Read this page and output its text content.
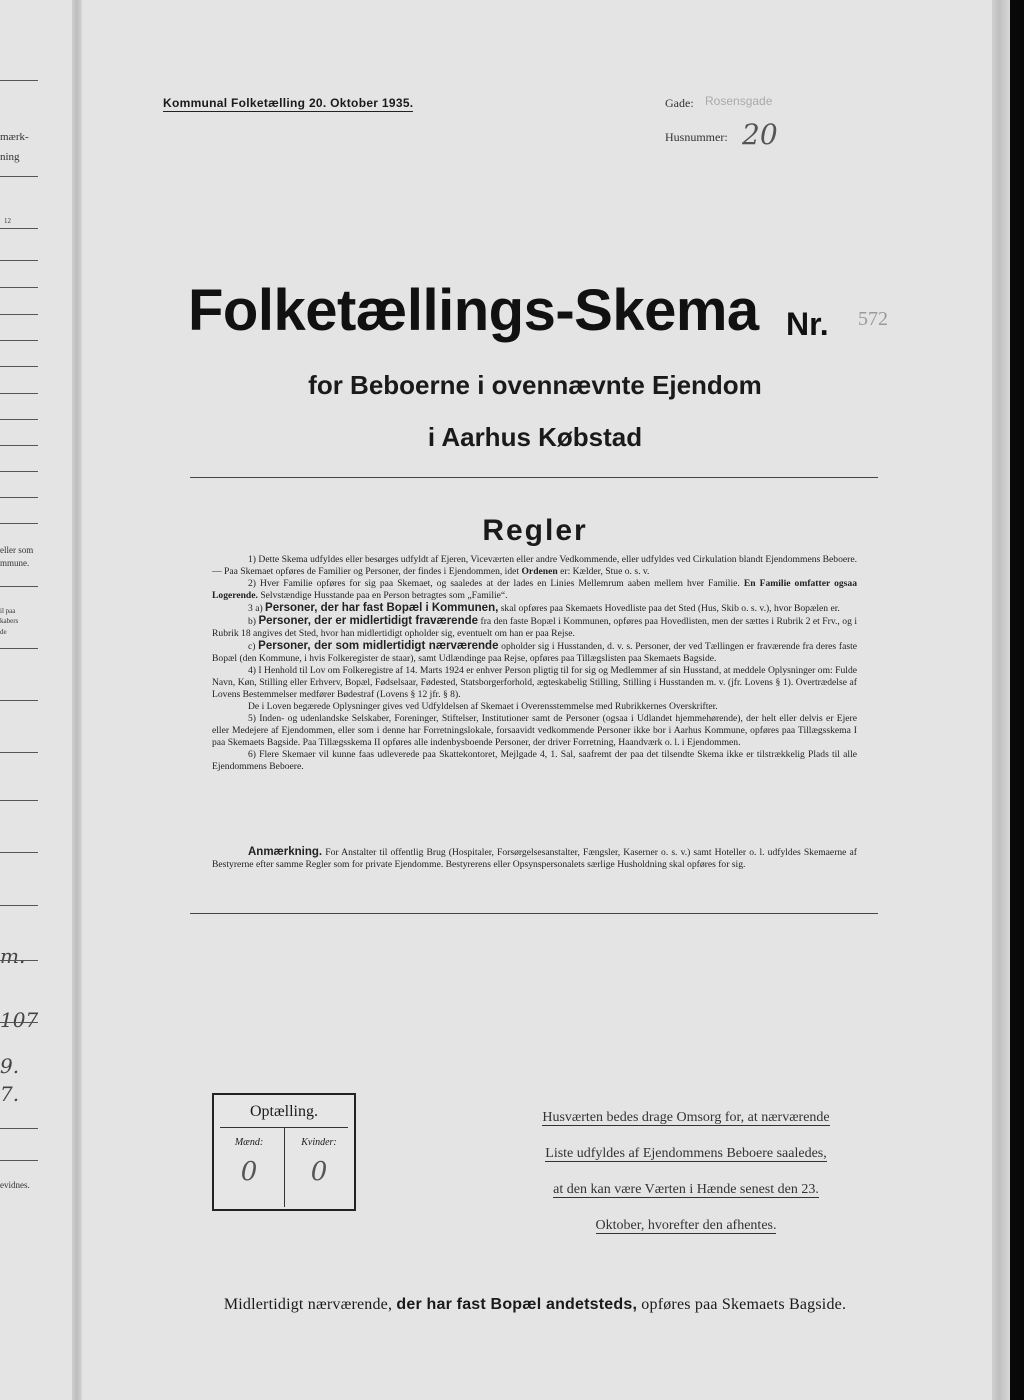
mærk-
ning
12
eller som
mmune.
il paa
kabers
de
m.
107
9.
7.
evidnes.
Kommunal Folketælling 20. Oktober 1935.	Gade: Rosensgade
Husnummer: 20
Folketællings-Skema Nr. 572
for Beboerne i ovennævnte Ejendom
i Aarhus Købstad
Regler

1) Dette Skema udfyldes eller besørges udfyldt af Ejeren, Viceværten eller andre Vedkommende, eller udfyldes ved Cirkulation blandt Ejendommens Beboere. — Paa Skemaet opføres de Familier og Personer, der findes i Ejendommen, idet Ordenen er: Kælder, Stue o. s. v.

2) Hver Familie opføres for sig paa Skemaet, og saaledes at der lades en Linies Mellemrum aaben mellem hver Familie. En Familie omfatter ogsaa Logerende. Selvstændige Husstande paa en Person betragtes som „Familie“.

3 a) Personer, der har fast Bopæl i Kommunen, skal opføres paa Skemaets Hovedliste paa det Sted (Hus, Skib o. s. v.), hvor Bopælen er.

b) Personer, der er midlertidigt fraværende fra den faste Bopæl i Kommunen, opføres paa Hovedlisten, men der sættes i Rubrik 2 et Frv., og i Rubrik 18 angives det Sted, hvor han midlertidigt opholder sig, eventuelt om han er paa Rejse.

c) Personer, der som midlertidigt nærværende opholder sig i Husstanden, d. v. s. Personer, der ved Tællingen er fraværende fra deres faste Bopæl (den Kommune, i hvis Folkeregister de staar), samt Udlændinge paa Rejse, opføres paa Tillægslisten paa Skemaets Bagside.

4) I Henhold til Lov om Folkeregistre af 14. Marts 1924 er enhver Person pligtig til for sig og Medlemmer af sin Husstand, at meddele Oplysninger om: Fulde Navn, Køn, Stilling eller Erhverv, Bopæl, Fødselsaar, Fødested, Statsborgerforhold, ægteskabelig Stilling, Stilling i Husstanden m. v. (jfr. Lovens § 1). Overtrædelse af Lovens Bestemmelser medfører Bødestraf (Lovens § 12 jfr. § 8).

De i Loven begærede Oplysninger gives ved Udfyldelsen af Skemaet i Overensstemmelse med Rubrikkernes Overskrifter.

5) Inden- og udenlandske Selskaber, Foreninger, Stiftelser, Institutioner samt de Personer (ogsaa i Udlandet hjemmehørende), der helt eller delvis er Ejere eller Medejere af Ejendommen, eller som i denne har Forretningslokale, forsaavidt vedkommende Personer ikke bor i Aarhus Kommune, opføres paa Tillægsskema I paa Skemaets Bagside. Paa Tillægsskema II opføres alle indenbysboende Personer, der driver Forretning, Haandværk o. l. i Ejendommen.

6) Flere Skemaer vil kunne faas udleverede paa Skattekontoret, Mejlgade 4, 1. Sal, saafremt der paa det tilsendte Skema ikke er tilstrækkelig Plads til alle Ejendommens Beboere.

Anmærkning. For Anstalter til offentlig Brug (Hospitaler, Forsørgelsesanstalter, Fængsler, Kaserner o. s. v.) samt Hoteller o. l. udfyldes Skemaerne af Bestyrerne efter samme Regler som for private Ejendomme. Bestyrerens eller Opsynspersonalets særlige Husholdning skal opføres for sig.

Optælling.
Mænd:	Kvinder:
0	0
Husværten bedes drage Omsorg for, at nærværende
Liste udfyldes af Ejendommens Beboere saaledes,
at den kan være Værten i Hænde senest den 23.
Oktober, hvorefter den afhentes.
Midlertidigt nærværende, der har fast Bopæl andetsteds, opføres paa Skemaets Bagside.
